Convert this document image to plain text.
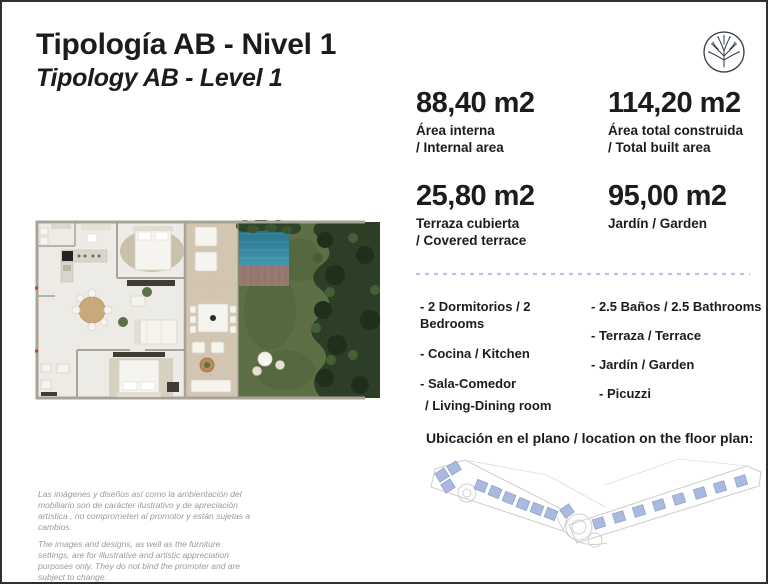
Tipología AB - Nivel 1
Tipology AB - Level 1
88,40 m2
Área interna
/ Internal area
114,20 m2
Área total construida
/ Total built area
25,80 m2
Terraza cubierta
/ Covered terrace
95,00 m2
Jardín / Garden
- 2 Dormitorios / 2 Bedrooms
- Cocina / Kitchen
- Sala-Comedor
/ Living-Dining room
- 2.5 Baños / 2.5 Bathrooms
- Terraza / Terrace
- Jardín / Garden
- Picuzzi
Ubicación en el plano / location on the floor plan:

Las imágenes y diseños así como la ambientación del mobiliario son de carácter ilustrativo y de apreciación artística , no comprometen al promotor y están sujetas a cambios.

The images and designs, as well as the furniture settings, are for illustrative and artistic appreciation purposes only. They do not bind the promoter and are subject to change.
